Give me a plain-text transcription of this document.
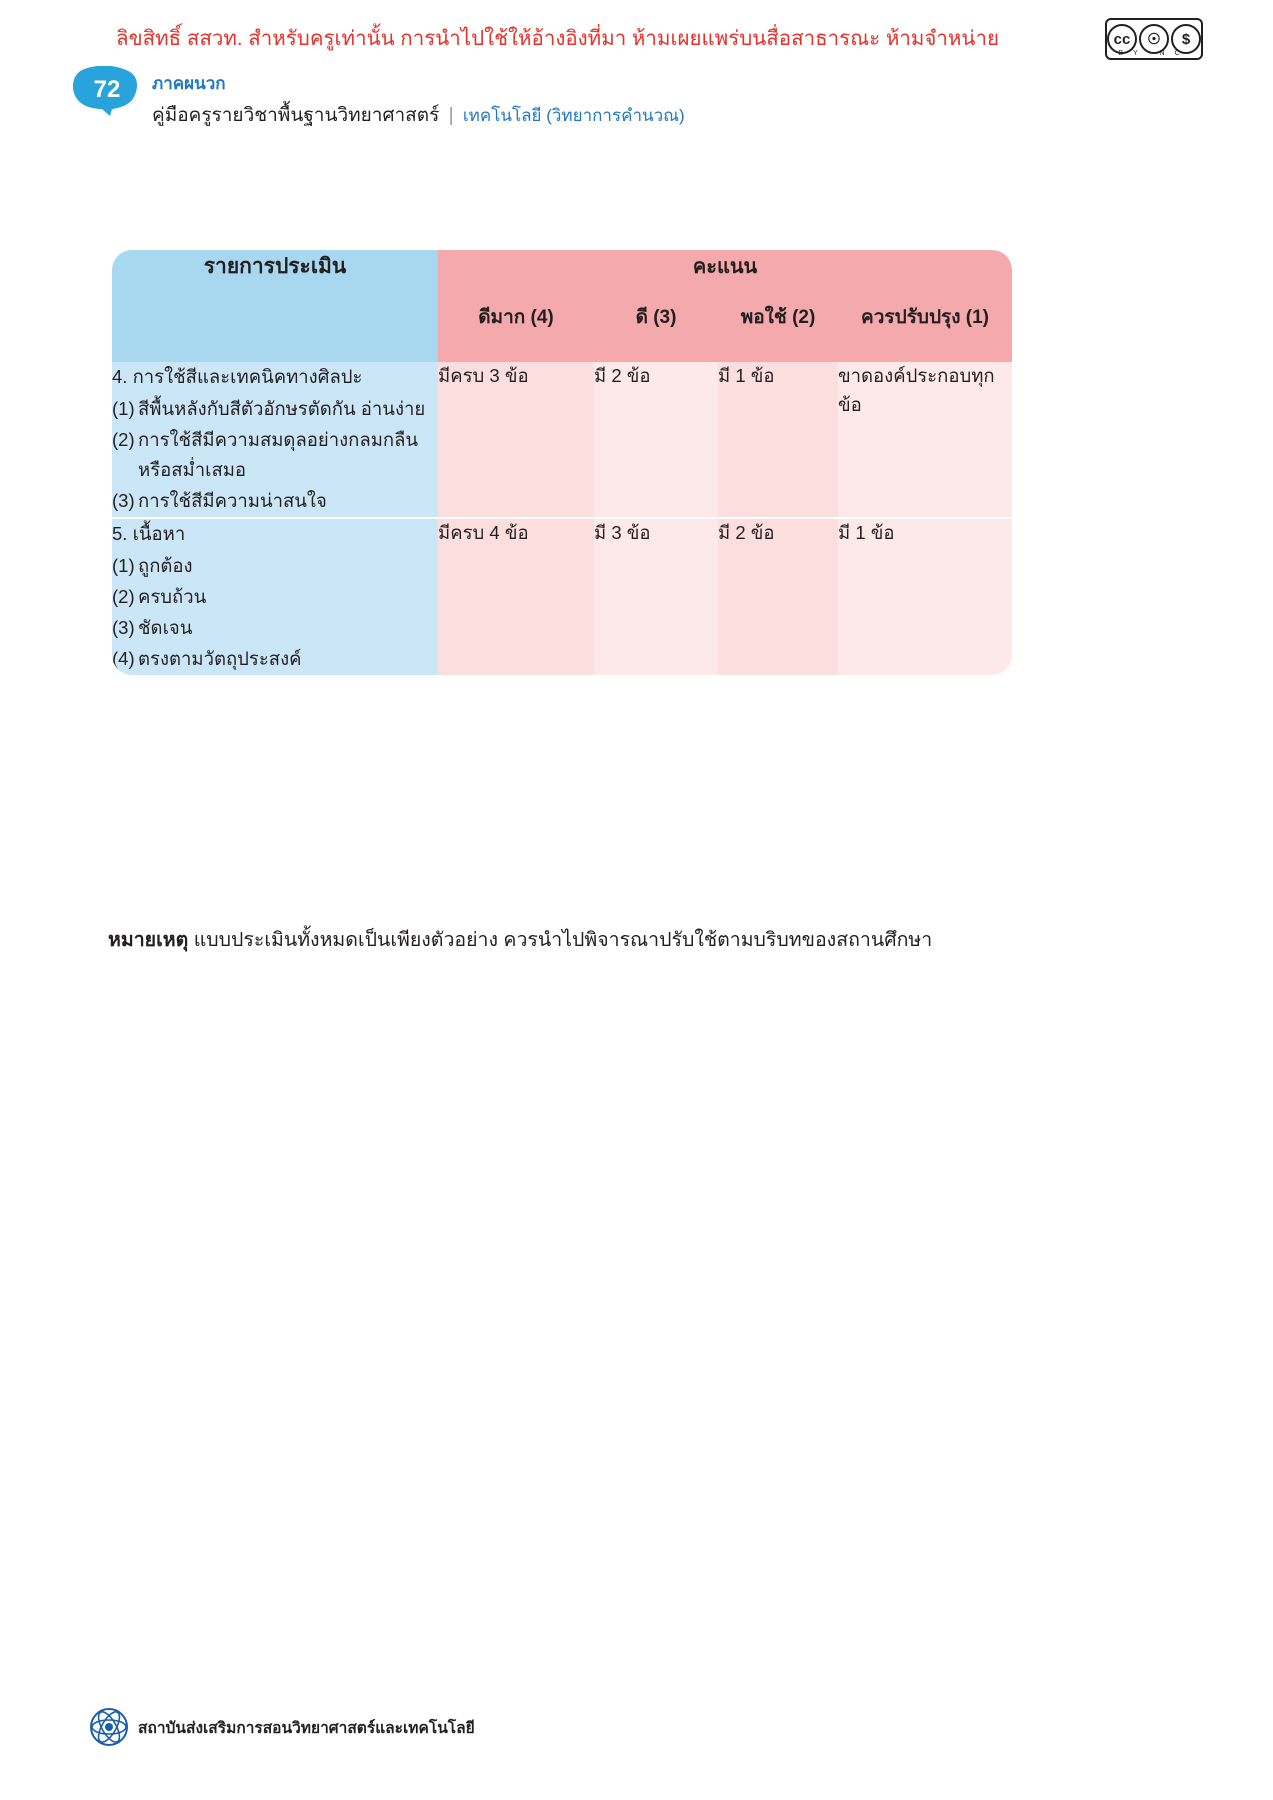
ลิขสิทธิ์ สสวท. สำหรับครูเท่านั้น การนำไปใช้ให้อ้างอิงที่มา ห้ามเผยแพร่บนสื่อสาธารณะ ห้ามจำหน่าย	cc	☉	$
BY NC
72	ภาคผนวก
คู่มือครูรายวิชาพื้นฐานวิทยาศาสตร์ | เทคโนโลยี (วิทยาการคำนวณ)
รายการประเมิน	คะแนน			
	ดีมาก (4)	ดี (3)	พอใช้ (2)	ควรปรับปรุง (1)

4. การใช้สีและเทคนิคทางศิลปะ

(1) สีพื้นหลังกับสีตัวอักษรตัดกัน อ่านง่าย
(2) การใช้สีมีความสมดุลอย่างกลมกลืนหรือสม่ำเสมอ
(3) การใช้สีมีความน่าสนใจ
	มีครบ 3 ข้อ	มี 2 ข้อ	มี 1 ข้อ	ขาดองค์ประกอบทุกข้อ

5. เนื้อหา

(1) ถูกต้อง
(2) ครบถ้วน
(3) ชัดเจน
(4) ตรงตามวัตถุประสงค์
	มีครบ 4 ข้อ	มี 3 ข้อ	มี 2 ข้อ	มี 1 ข้อ
หมายเหตุ แบบประเมินทั้งหมดเป็นเพียงตัวอย่าง ควรนำไปพิจารณาปรับใช้ตามบริบทของสถานศึกษา
สถาบันส่งเสริมการสอนวิทยาศาสตร์และเทคโนโลยี
